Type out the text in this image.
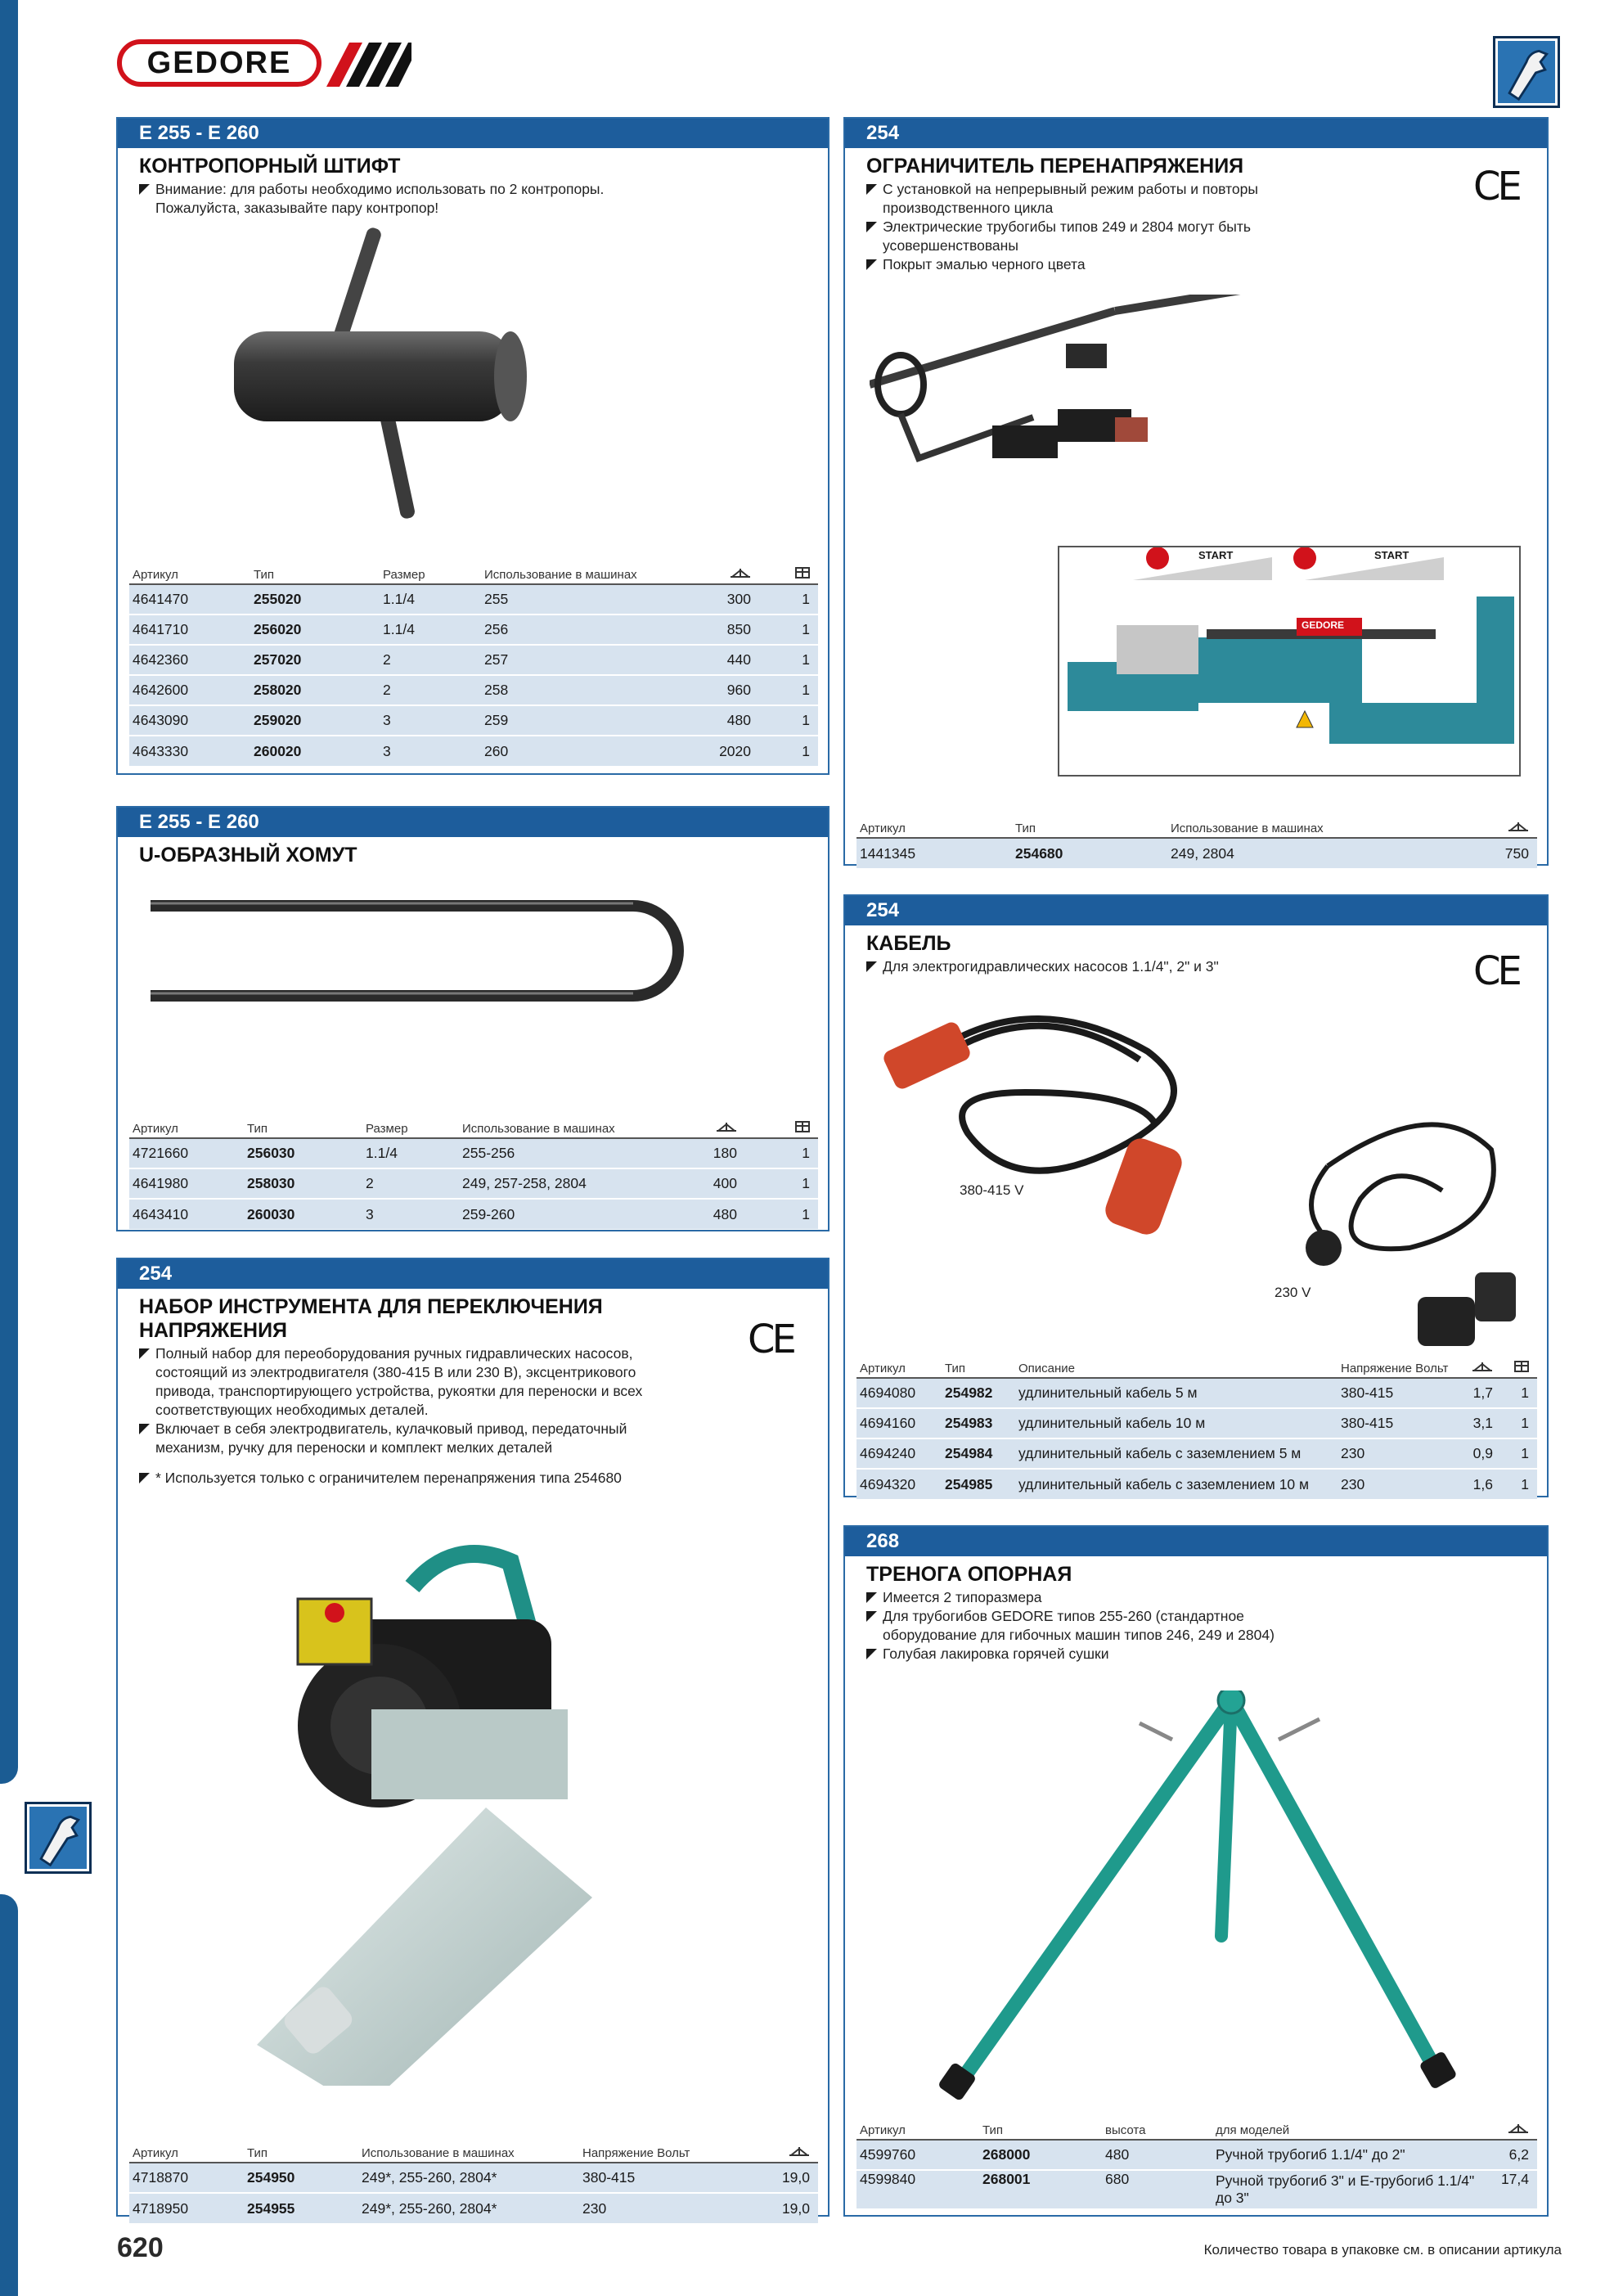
GEDORE
E 255 - E 260
КОНТРОПОРНЫЙ ШТИФТ
Внимание: для работы необходимо использовать по 2 контропоры. Пожалуйста, заказывайте пару контропор!
Артикул	Тип	Размер	Использование в машинах		
4641470	255020	1.1/4	255	300	1
4641710	256020	1.1/4	256	850	1
4642360	257020	2	257	440	1
4642600	258020	2	258	960	1
4643090	259020	3	259	480	1
4643330	260020	3	260	2020	1
E 255 - E 260
U-ОБРАЗНЫЙ ХОМУТ
Артикул	Тип	Размер	Использование в машинах		
4721660	256030	1.1/4	255-256	180	1
4641980	258030	2	249, 257-258, 2804	400	1
4643410	260030	3	259-260	480	1
254
НАБОР ИНСТРУМЕНТА ДЛЯ ПЕРЕКЛЮЧЕНИЯ НАПРЯЖЕНИЯ	CE
Полный набор для переоборудования ручных гидравлических насосов, состоящий из электродвигателя (380-415 В или 230 В), эксцентрикового привода, транспортирующего устройства, рукоятки для переноски и всех соответствующих необходимых деталей.
Включает в себя электродвигатель, кулачковый привод, передаточный механизм, ручку для переноски и комплект мелких деталей
* Используется только с ограничителем перенапряжения типа 254680
Артикул	Тип	Использование в машинах	Напряжение Вольт	
4718870	254950	249*, 255-260, 2804*	380-415	19,0
4718950	254955	249*, 255-260, 2804*	230	19,0
254
ОГРАНИЧИТЕЛЬ ПЕРЕНАПРЯЖЕНИЯ	CE
С установкой на непрерывный режим работы и повторы производственного цикла
Электрические трубогибы типов 249 и 2804 могут быть усовершенствованы
Покрыт эмалью черного цвета
STOP	START STOP	START
GEDORE
Артикул	Тип	Использование в машинах	
1441345	254680	249, 2804	750
254
КАБЕЛЬ
CE
Для электрогидравлических насосов 1.1/4", 2" и 3"
380-415 V
230 V
Артикул	Тип	Описание	Напряжение Вольт		
4694080	254982	удлинительный кабель 5 м	380-415	1,7	1
4694160	254983	удлинительный кабель 10 м	380-415	3,1	1
4694240	254984	удлинительный кабель с заземлением 5 м	230	0,9	1
4694320	254985	удлинительный кабель с заземлением 10 м	230	1,6	1
268
ТРЕНОГА ОПОРНАЯ
Имеется 2 типоразмера
Для трубогибов GEDORE типов 255-260 (стандартное оборудование для гибочных машин типов 246, 249 и 2804)
Голубая лакировка горячей сушки
Артикул	Тип	высота	для моделей	
4599760	268000	480	Ручной трубогиб 1.1/4" до 2"	6,2
4599840	268001	680	Ручной трубогиб 3" и E-трубогиб 1.1/4" до 3"	17,4
620	Количество товара в упаковке см. в описании артикула
